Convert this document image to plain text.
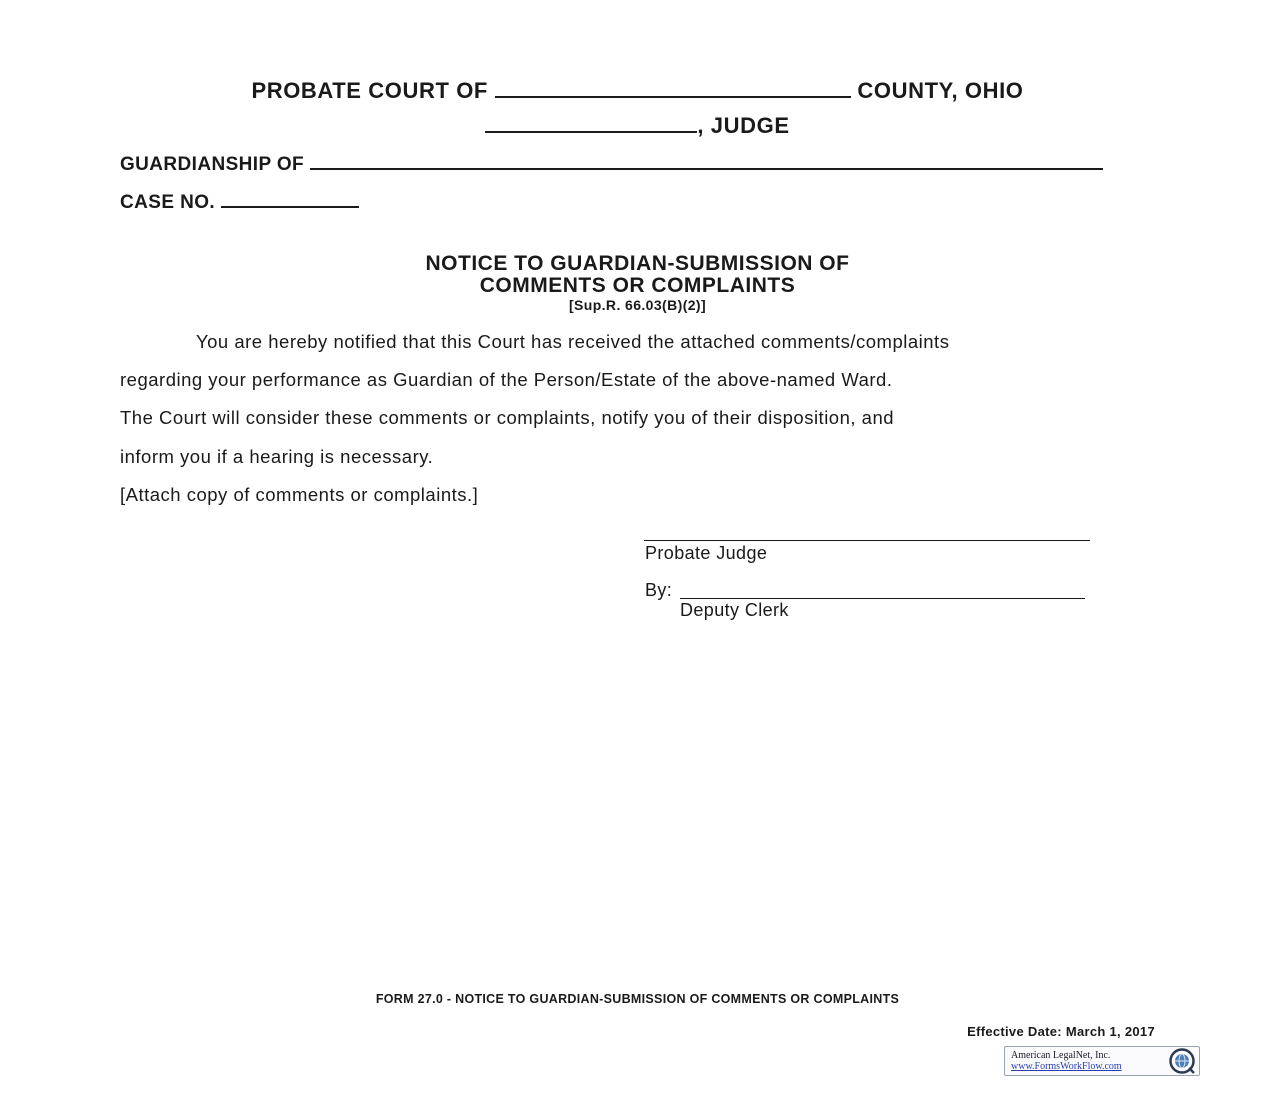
PROBATE COURT OF	COUNTY, OHIO
, JUDGE
GUARDIANSHIP OF
CASE NO.
NOTICE TO GUARDIAN-SUBMISSION OF
COMMENTS OR COMPLAINTS
[Sup.R. 66.03(B)(2)]
You are hereby notified that this Court has received the attached comments/complaints
regarding your performance as Guardian of the Person/Estate of the above-named Ward.
The Court will consider these comments or complaints, notify you of their disposition, and
inform you if a hearing is necessary.
[Attach copy of comments or complaints.]
Probate Judge
By:
Deputy Clerk
FORM 27.0 - NOTICE TO GUARDIAN-SUBMISSION OF COMMENTS OR COMPLAINTS
Effective Date: March 1, 2017
American LegalNet, Inc.
www.FormsWorkFlow.com
